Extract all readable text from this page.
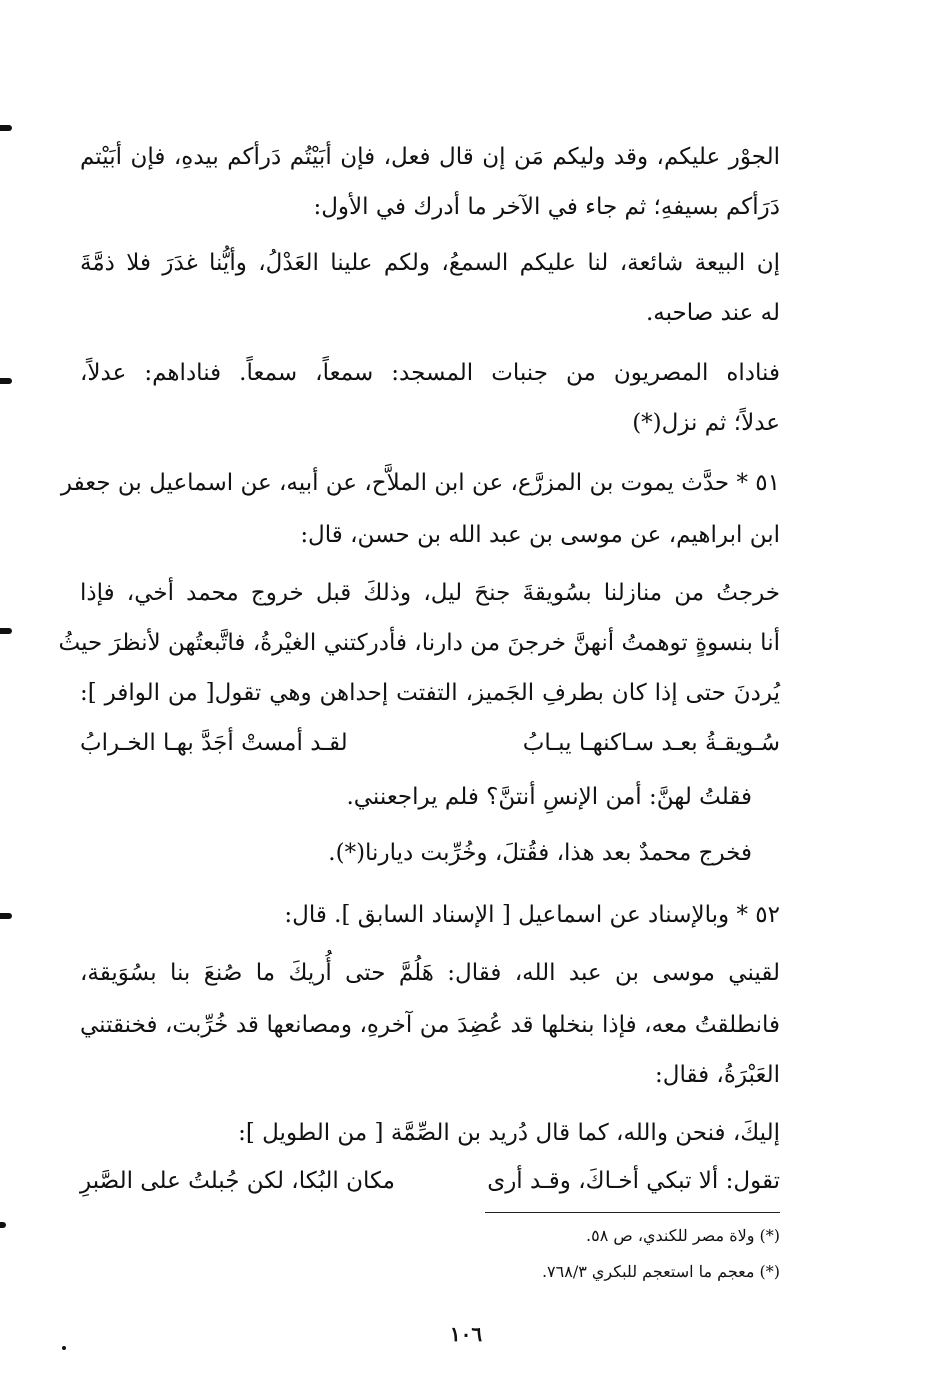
الجوْر عليكم، وقد وليكم مَن إن قال فعل، فإن أبَيْتُم دَرأكم بيدهِ، فإن أبَيْتم
دَرَأكم بسيفهِ؛ ثم جاء في الآخر ما أدرك في الأول:
إن البيعة شائعة، لنا عليكم السمعُ، ولكم علينا العَدْلُ، وأيُّنا غدَرَ فلا ذمَّةَ
له عند صاحبه.
فناداه المصريون من جنبات المسجد: سمعاً، سمعاً. فناداهم: عدلاً،
عدلاً؛ ثم نزل(*)
٥١ * حدَّث يموت بن المزرَّع، عن ابن الملاَّح، عن أبيه، عن اسماعيل بن جعفر
ابن ابراهيم، عن موسى بن عبد الله بن حسن، قال:
خرجتُ من منازلنا بسُويقةَ جنحَ ليل، وذلكَ قبل خروج محمد أخي، فإذا
أنا بنسوةٍ توهمتُ أنهنَّ خرجنَ من دارنا، فأدركتني الغيْرةُ، فاتَّبعتُهن لأنظرَ حيثُ
يُردنَ حتى إذا كان بطرفِ الجَميز، التفتت إحداهن وهي تقول[ من الوافر ]:
سُـويقـةُ بعـد سـاكنهـا يبـابُ
لقـد أمستْ أجَدَّ بهـا الخـرابُ
فقلتُ لهنَّ: أمن الإنسِ أنتنَّ؟ فلم يراجعنني.
فخرج محمدٌ بعد هذا، فقُتلَ، وخُرِّبت ديارنا(*).
٥٢ * وبالإسناد عن اسماعيل [ الإسناد السابق ]. قال:
لقيني موسى بن عبد الله، فقال: هَلُمَّ حتى أُريكَ ما صُنعَ بنا بسُوَيقة،
فانطلقتُ معه، فإذا بنخلها قد عُضِدَ من آخرهِ، ومصانعها قد خُرِّبت، فخنقتني
العَبْرَةُ، فقال:
إليكَ، فنحن والله، كما قال دُريد بن الصِّمَّة [ من الطويل ]:
تقول: ألا تبكي أخـاكَ، وقـد أرى
مكان البُكا، لكن جُبلتُ على الصَّبرِ
(*) ولاة مصر للكندي، ص ٥٨.
(*) معجم ما استعجم للبكري ٧٦٨/٣.
١٠٦
